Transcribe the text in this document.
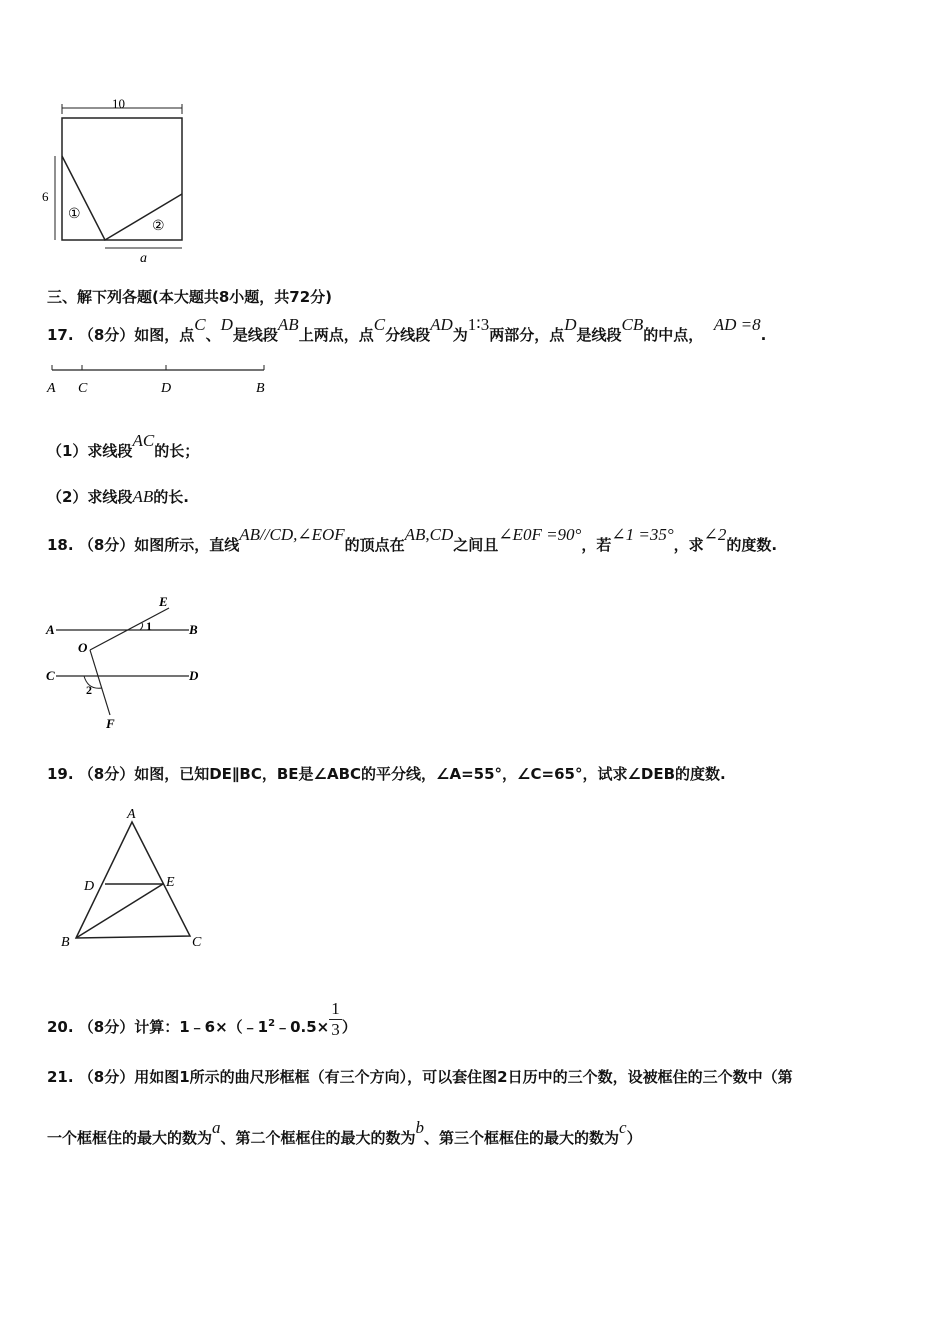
10
6
①
②
a
三、解下列各题(本大题共8小题，共72分)
17. （8分）如图，点C、D是线段AB上两点，点C分线段AD为1∶3两部分，点D是线段CB的中点，  AD =8.
A C	D	B
（1）求线段AC的长；
（2）求线段AB的长.
18. （8分）如图所示，直线AB//CD,∠EOF的顶点在AB,CD之间且∠E0F =90°，若∠1 =35°，求∠2的度数.
A	B
C	D
E
F
O
1
2
19. （8分）如图，已知DE∥BC，BE是∠ABC的平分线，∠A=55°，∠C=65°，试求∠DEB的度数.
A
B	C
D	E
20. （8分）计算：$1﹣6\times(﹣1^2﹣0.5\times \frac{1}{3}$ ）
21. （8分）用如图1所示的曲尺形框框（有三个方向），可以套住图2日历中的三个数，设被框住的三个数中（第
一个框框住的最大的数为a、第二个框框住的最大的数为b、第三个框框住的最大的数为c）
